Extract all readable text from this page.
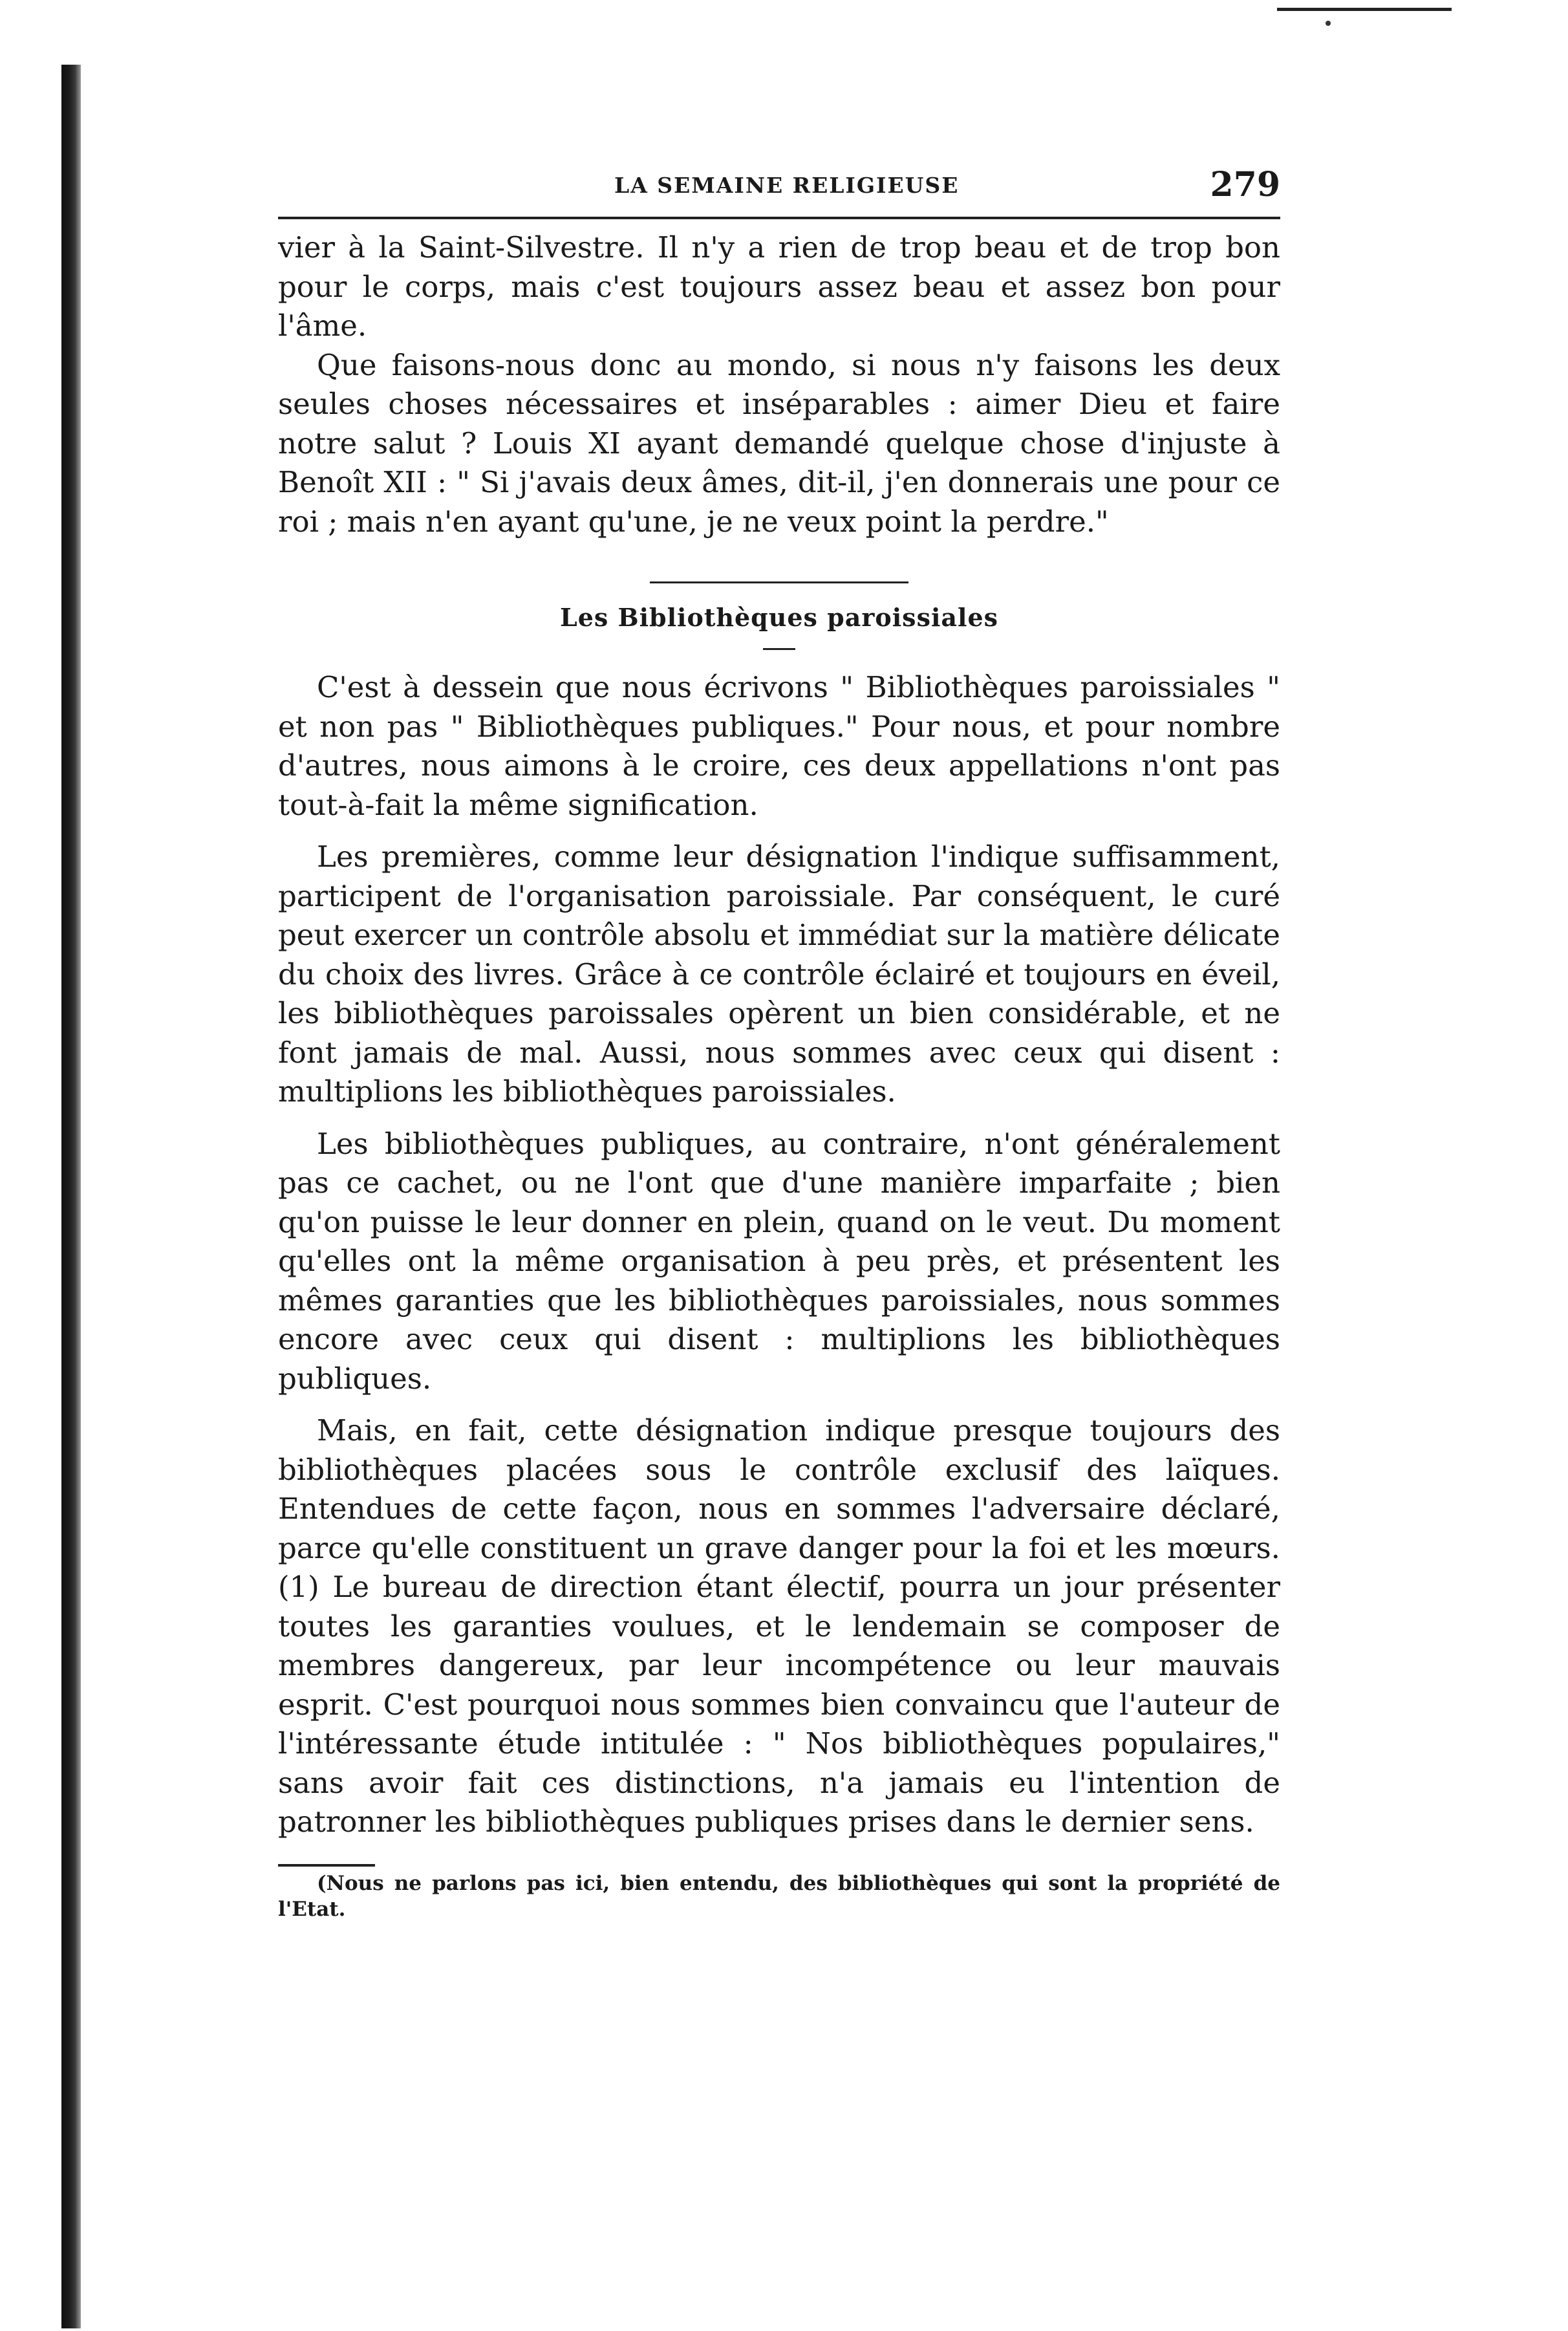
LA SEMAINE RELIGIEUSE	279

vier à la Saint-Silvestre. Il n'y a rien de trop beau et de trop bon pour le corps, mais c'est toujours assez beau et assez bon pour l'âme.

Que faisons-nous donc au mondo, si nous n'y faisons les deux seules choses nécessaires et inséparables : aimer Dieu et faire notre salut ? Louis XI ayant demandé quelque chose d'injuste à Benoît XII : " Si j'avais deux âmes, dit-il, j'en donnerais une pour ce roi ; mais n'en ayant qu'une, je ne veux point la perdre."

Les Bibliothèques paroissiales

C'est à dessein que nous écrivons " Bibliothèques paroissiales " et non pas " Bibliothèques publiques." Pour nous, et pour nombre d'autres, nous aimons à le croire, ces deux appellations n'ont pas tout-à-fait la même signification.

Les premières, comme leur désignation l'indique suffisamment, participent de l'organisation paroissiale. Par conséquent, le curé peut exercer un contrôle absolu et immédiat sur la matière délicate du choix des livres. Grâce à ce contrôle éclairé et toujours en éveil, les bibliothèques paroissales opèrent un bien considérable, et ne font jamais de mal. Aussi, nous sommes avec ceux qui disent : multiplions les bibliothèques paroissiales.

Les bibliothèques publiques, au contraire, n'ont généralement pas ce cachet, ou ne l'ont que d'une manière imparfaite ; bien qu'on puisse le leur donner en plein, quand on le veut. Du moment qu'elles ont la même organisation à peu près, et présentent les mêmes garanties que les bibliothèques paroissiales, nous sommes encore avec ceux qui disent : multiplions les bibliothèques publiques.

Mais, en fait, cette désignation indique presque toujours des bibliothèques placées sous le contrôle exclusif des laïques. Entendues de cette façon, nous en sommes l'adversaire déclaré, parce qu'elle constituent un grave danger pour la foi et les mœurs. (1) Le bureau de direction étant électif, pourra un jour présenter toutes les garanties voulues, et le lendemain se composer de membres dangereux, par leur incompétence ou leur mauvais esprit. C'est pourquoi nous sommes bien convaincu que l'auteur de l'intéressante étude intitulée : " Nos bibliothèques populaires," sans avoir fait ces distinctions, n'a jamais eu l'intention de patronner les bibliothèques publiques prises dans le dernier sens.

(Nous ne parlons pas ici, bien entendu, des bibliothèques qui sont la propriété de l'Etat.
